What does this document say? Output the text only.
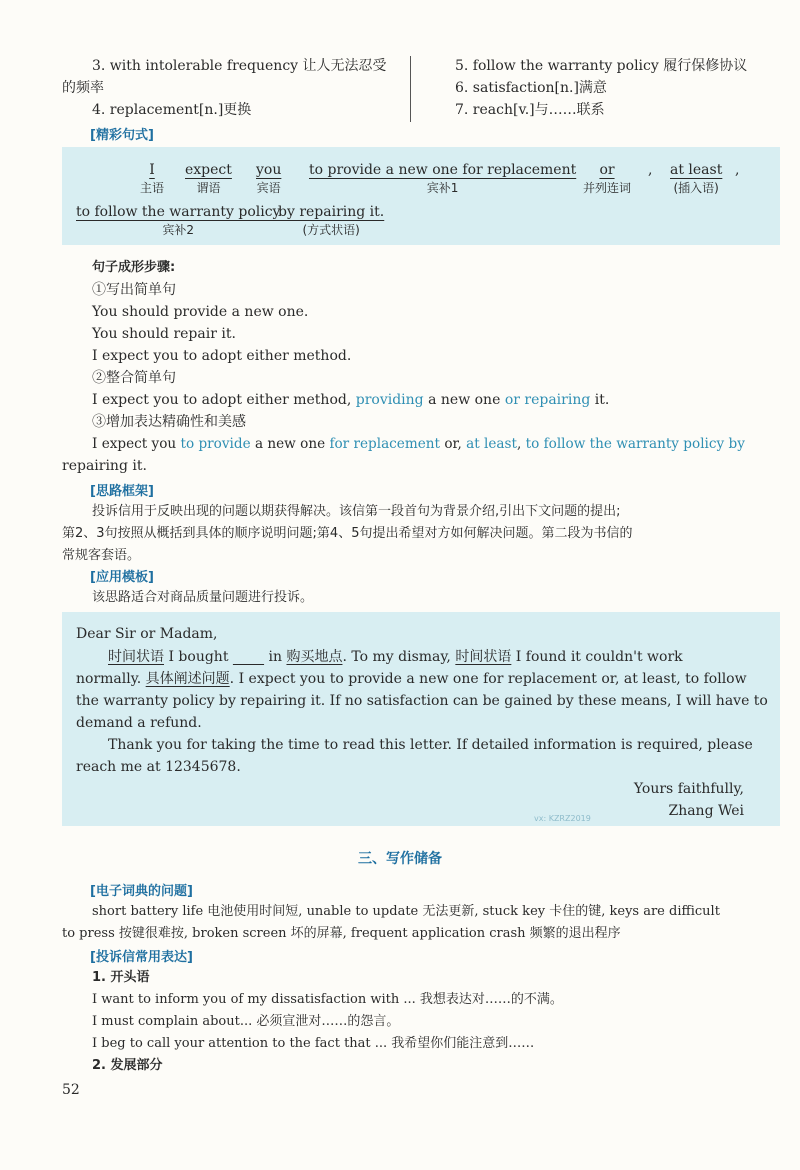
3. with intolerable frequency 让人无法忍受
的频率
4. replacement[n.]更换
5. follow the warranty policy 履行保修协议
6. satisfaction[n.]满意
7. reach[v.]与……联系
[精彩句式]
I
主语
expect
谓语
you
宾语
to provide a new one for replacement
宾补1
or
并列连词
, at least
(插入语)
,
to follow the warranty policy
宾补2
by repairing it.
(方式状语)
句子成形步骤:
①写出简单句
You should provide a new one.
You should repair it.
I expect you to adopt either method.
②整合简单句
I expect you to adopt either method, providing a new one or repairing it.
③增加表达精确性和美感
I expect you to provide a new one for replacement or, at least, to follow the warranty policy by
repairing it.
[思路框架]
投诉信用于反映出现的问题以期获得解决。该信第一段首句为背景介绍,引出下文问题的提出;
第2、3句按照从概括到具体的顺序说明问题;第4、5句提出希望对方如何解决问题。第二段为书信的
常规客套语。
[应用模板]
该思路适合对商品质量问题进行投诉。
Dear Sir or Madam,
时间状语 I bought         in 购买地点. To my dismay, 时间状语 I found it couldn't work
normally. 具体阐述问题. I expect you to provide a new one for replacement or, at least, to follow
the warranty policy by repairing it. If no satisfaction can be gained by these means, I will have to
demand a refund.
Thank you for taking the time to read this letter. If detailed information is required, please
reach me at 12345678.
Yours faithfully,
Zhang Wei
vx: KZRZ2019
三、写作储备
[电子词典的问题]
short battery life 电池使用时间短, unable to update 无法更新, stuck key 卡住的键, keys are difficult
to press 按键很难按, broken screen 坏的屏幕, frequent application crash 频繁的退出程序
[投诉信常用表达]
1. 开头语
I want to inform you of my dissatisfaction with ... 我想表达对……的不满。
I must complain about... 必须宣泄对……的怨言。
I beg to call your attention to the fact that ... 我希望你们能注意到……
2. 发展部分
52
